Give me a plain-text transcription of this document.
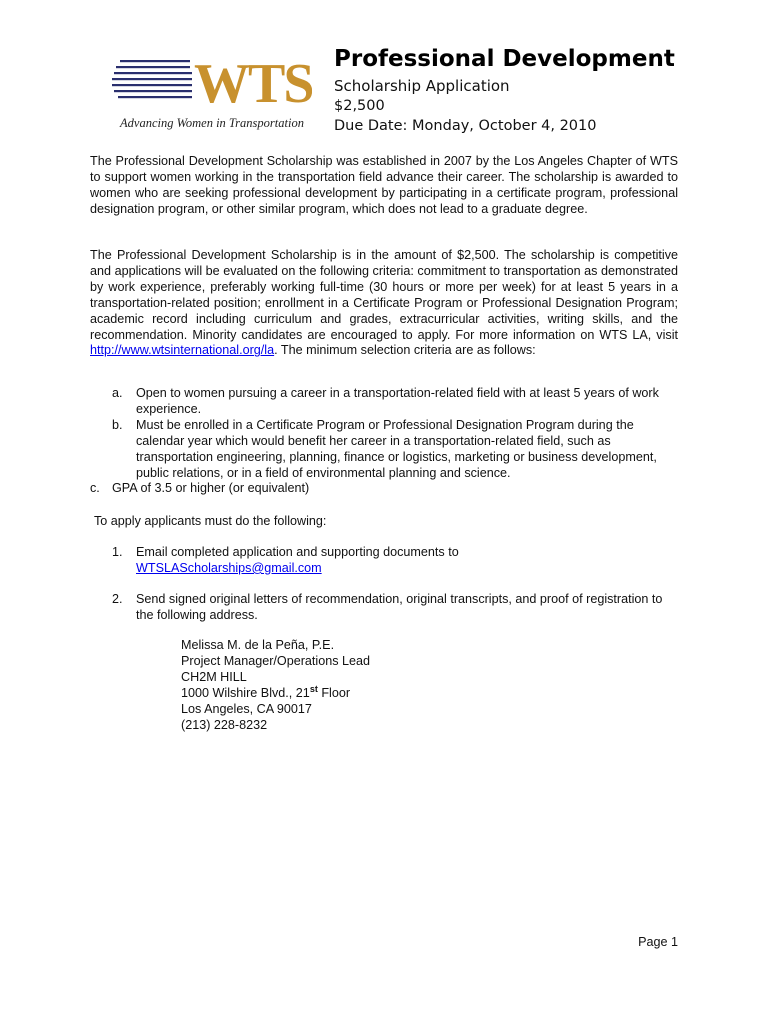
WTS
Advancing Women in Transportation
Professional Development
Scholarship Application
$2,500
Due Date: Monday, October 4, 2010
The Professional Development Scholarship was established in 2007 by the Los Angeles Chapter of WTS to support women working in the transportation field advance their career. The scholarship is awarded to women who are seeking professional development by participating in a certificate program, professional designation program, or other similar program, which does not lead to a graduate degree.
The Professional Development Scholarship is in the amount of $2,500. The scholarship is competitive and applications will be evaluated on the following criteria: commitment to transportation as demonstrated by work experience, preferably working full-time (30 hours or more per week) for at least 5 years in a transportation-related position; enrollment in a Certificate Program or Professional Designation Program; academic record including curriculum and grades, extracurricular activities, writing skills, and the recommendation. Minority candidates are encouraged to apply. For more information on WTS LA, visit http://www.wtsinternational.org/la. The minimum selection criteria are as follows:
a. Open to women pursuing a career in a transportation-related field with at least 5 years of work experience.
b. Must be enrolled in a Certificate Program or Professional Designation Program during the calendar year which would benefit her career in a transportation-related field, such as transportation engineering, planning, finance or logistics, marketing or business development, public relations, or in a field of environmental planning and science.
c. GPA of 3.5 or higher (or equivalent)
To apply applicants must do the following:
1. Email completed application and supporting documents to
WTSLAScholarships@gmail.com
2.	Send signed original letters of recommendation, original transcripts, and proof of registration to the following address.
Melissa M. de la Peña, P.E.
Project Manager/Operations Lead
CH2M HILL
1000 Wilshire Blvd., 21st Floor
Los Angeles, CA 90017
(213) 228-8232
Page 1
